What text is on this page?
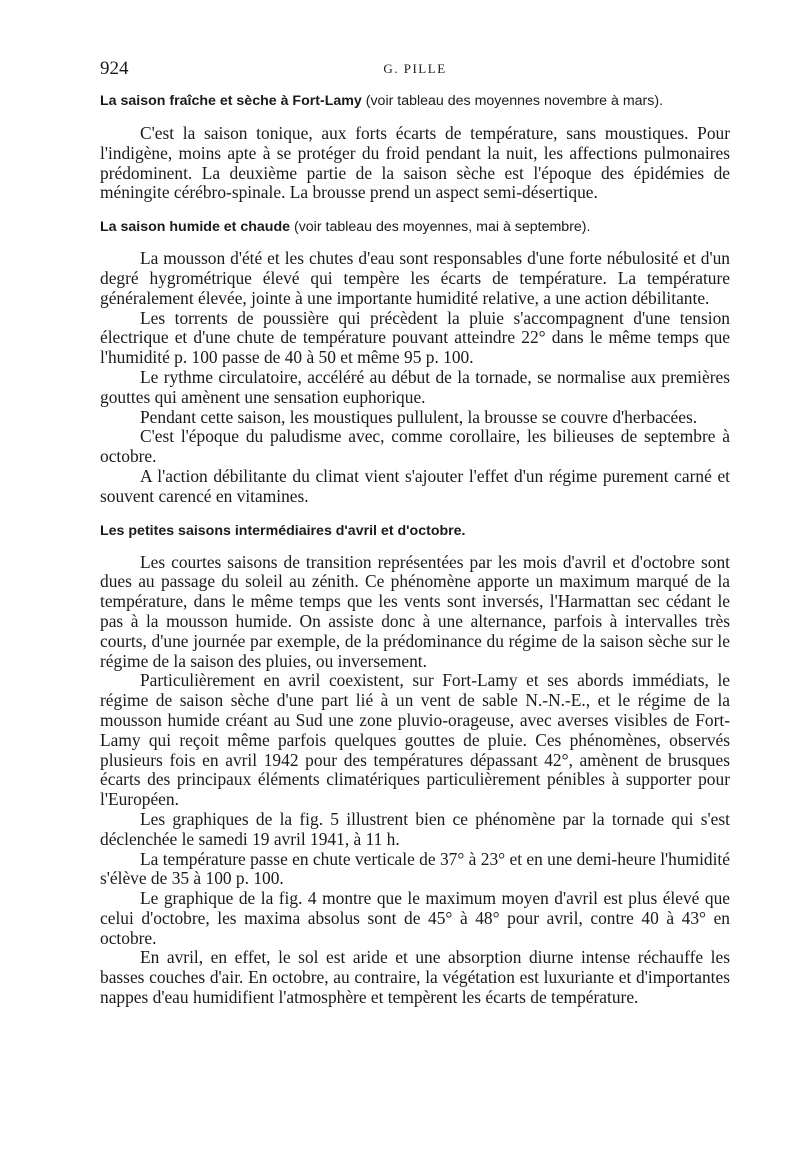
924	G. PILLE

La saison fraîche et sèche à Fort-Lamy (voir tableau des moyennes novembre à mars).

C'est la saison tonique, aux forts écarts de température, sans moustiques. Pour l'indigène, moins apte à se protéger du froid pendant la nuit, les affections pulmonaires prédominent. La deuxième partie de la saison sèche est l'époque des épidémies de méningite cérébro-spinale. La brousse prend un aspect semi-désertique.

La saison humide et chaude (voir tableau des moyennes, mai à septembre).

La mousson d'été et les chutes d'eau sont responsables d'une forte nébulosité et d'un degré hygrométrique élevé qui tempère les écarts de température. La température généralement élevée, jointe à une importante humidité relative, a une action débilitante.

Les torrents de poussière qui précèdent la pluie s'accompagnent d'une tension électrique et d'une chute de température pouvant atteindre 22° dans le même temps que l'humidité p. 100 passe de 40 à 50 et même 95 p. 100.

Le rythme circulatoire, accéléré au début de la tornade, se normalise aux premières gouttes qui amènent une sensation euphorique.

Pendant cette saison, les moustiques pullulent, la brousse se couvre d'herbacées.

C'est l'époque du paludisme avec, comme corollaire, les bilieuses de septembre à octobre.

A l'action débilitante du climat vient s'ajouter l'effet d'un régime purement carné et souvent carencé en vitamines.

Les petites saisons intermédiaires d'avril et d'octobre.

Les courtes saisons de transition représentées par les mois d'avril et d'octobre sont dues au passage du soleil au zénith. Ce phénomène apporte un maximum marqué de la température, dans le même temps que les vents sont inversés, l'Harmattan sec cédant le pas à la mousson humide. On assiste donc à une alternance, parfois à intervalles très courts, d'une journée par exemple, de la prédominance du régime de la saison sèche sur le régime de la saison des pluies, ou inversement.

Particulièrement en avril coexistent, sur Fort-Lamy et ses abords immédiats, le régime de saison sèche d'une part lié à un vent de sable N.-N.-E., et le régime de la mousson humide créant au Sud une zone pluvio-orageuse, avec averses visibles de Fort-Lamy qui reçoit même parfois quelques gouttes de pluie. Ces phénomènes, observés plusieurs fois en avril 1942 pour des températures dépassant 42°, amènent de brusques écarts des principaux éléments climatériques particulièrement pénibles à supporter pour l'Européen.

Les graphiques de la fig. 5 illustrent bien ce phénomène par la tornade qui s'est déclenchée le samedi 19 avril 1941, à 11 h.

La température passe en chute verticale de 37° à 23° et en une demi-heure l'humidité s'élève de 35 à 100 p. 100.

Le graphique de la fig. 4 montre que le maximum moyen d'avril est plus élevé que celui d'octobre, les maxima absolus sont de 45° à 48° pour avril, contre 40 à 43° en octobre.

En avril, en effet, le sol est aride et une absorption diurne intense réchauffe les basses couches d'air. En octobre, au contraire, la végétation est luxuriante et d'importantes nappes d'eau humidifient l'atmosphère et tempèrent les écarts de température.
